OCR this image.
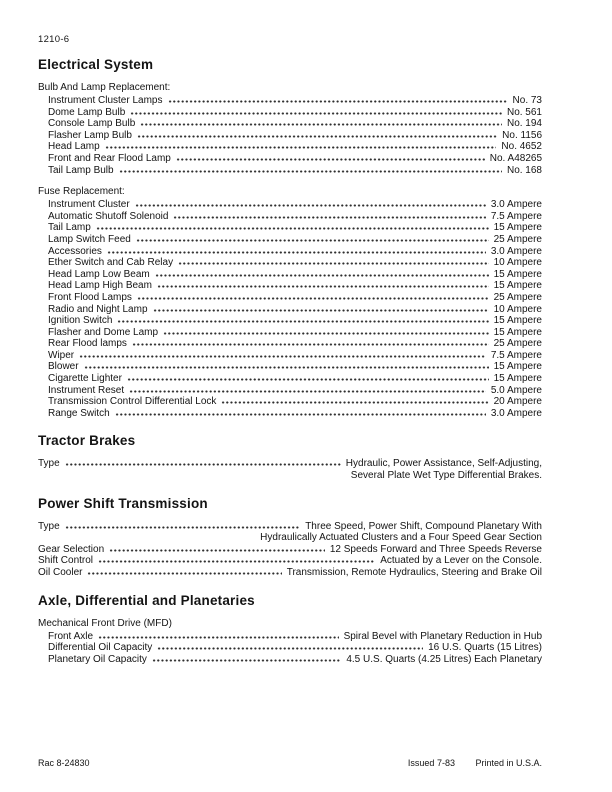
1210-6
Electrical System
Bulb And Lamp Replacement:
Instrument Cluster Lamps	No. 73
Dome Lamp Bulb	No. 561
Console Lamp Bulb	No. 194
Flasher Lamp Bulb	No. 1156
Head Lamp	No. 4652
Front and Rear Flood Lamp	No. A48265
Tail Lamp Bulb	No. 168
Fuse Replacement:
Instrument Cluster	3.0 Ampere
Automatic Shutoff Solenoid	7.5 Ampere
Tail Lamp	15 Ampere
Lamp Switch Feed	25 Ampere
Accessories	3.0 Ampere
Ether Switch and Cab Relay	10 Ampere
Head Lamp Low Beam	15 Ampere
Head Lamp High Beam	15 Ampere
Front Flood Lamps	25 Ampere
Radio and Night Lamp	10 Ampere
Ignition Switch	15 Ampere
Flasher and Dome Lamp	15 Ampere
Rear Flood lamps	25 Ampere
Wiper	7.5 Ampere
Blower	15 Ampere
Cigarette Lighter	15 Ampere
Instrument Reset	5.0 Ampere
Transmission Control Differential Lock	20 Ampere
Range Switch	3.0 Ampere
Tractor Brakes
Type	Hydraulic, Power Assistance, Self-Adjusting,
Several Plate Wet Type Differential Brakes.
Power Shift Transmission
Type	Three Speed, Power Shift, Compound Planetary With
Hydraulically Actuated Clusters and a Four Speed Gear Section
Gear Selection	12 Speeds Forward and Three Speeds Reverse
Shift Control	Actuated by a Lever on the Console.
Oil Cooler	Transmission, Remote Hydraulics, Steering and Brake Oil
Axle, Differential and Planetaries
Mechanical Front Drive (MFD)
Front Axle	Spiral Bevel with Planetary Reduction in Hub
Differential Oil Capacity	16 U.S. Quarts (15 Litres)
Planetary Oil Capacity	4.5 U.S. Quarts (4.25 Litres) Each Planetary
Rac 8-24830	Issued 7-83 Printed in U.S.A.
